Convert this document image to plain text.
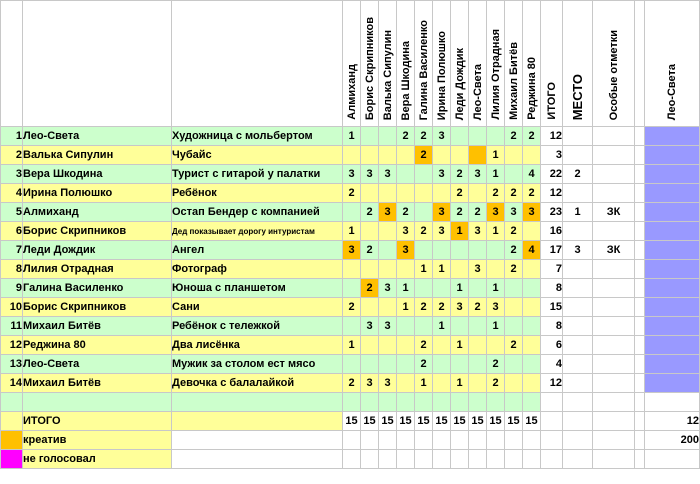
			Алмиханд	Борис Скрипников	Валька Сипулин	Вера Шкодина	Галина Василенко	Ирина Полюшко	Леди Дождик	Лео-Света	Лилия Отрадная	Михаил Битёв	Реджина 80	ИТОГО	МЕСТО	Особые отметки		Лео-Света
1	Лео-Света	Художница с мольбертом	1			2	2	3				2	2	12				
2	Валька Сипулин	Чубайс					2				1			3				
3	Вера Шкодина	Турист с гитарой у палатки	3	3	3			3	2	3	1		4	22	2			
4	Ирина Полюшко	Ребёнок	2						2		2	2	2	12				
5	Алмиханд	Остап Бендер с компанией		2	3	2		3	2	2	3	3	3	23	1	ЗК		
6	Борис Скрипников	Дед показывает дорогу интуристам	1			3	2	3	1	3	1	2		16				
7	Леди Дождик	Ангел	3	2		3						2	4	17	3	ЗК		
8	Лилия Отрадная	Фотограф					1	1		3		2		7				
9	Галина Василенко	Юноша с планшетом		2	3	1			1		1			8				
10	Борис Скрипников	Сани	2			1	2	2	3	2	3			15				
11	Михаил Битёв	Ребёнок с тележкой		3	3			1			1			8				
12	Реджина 80	Два лисёнка	1				2		1			2		6				
13	Лео-Света	Мужик за столом ест мясо					2				2			4				
14	Михаил Битёв	Девочка с балалайкой	2	3	3		1		1		2			12				

	ИТОГО		15	15	15	15	15	15	15	15	15	15	15					12
	креатив																	200
	не голосовал																	
